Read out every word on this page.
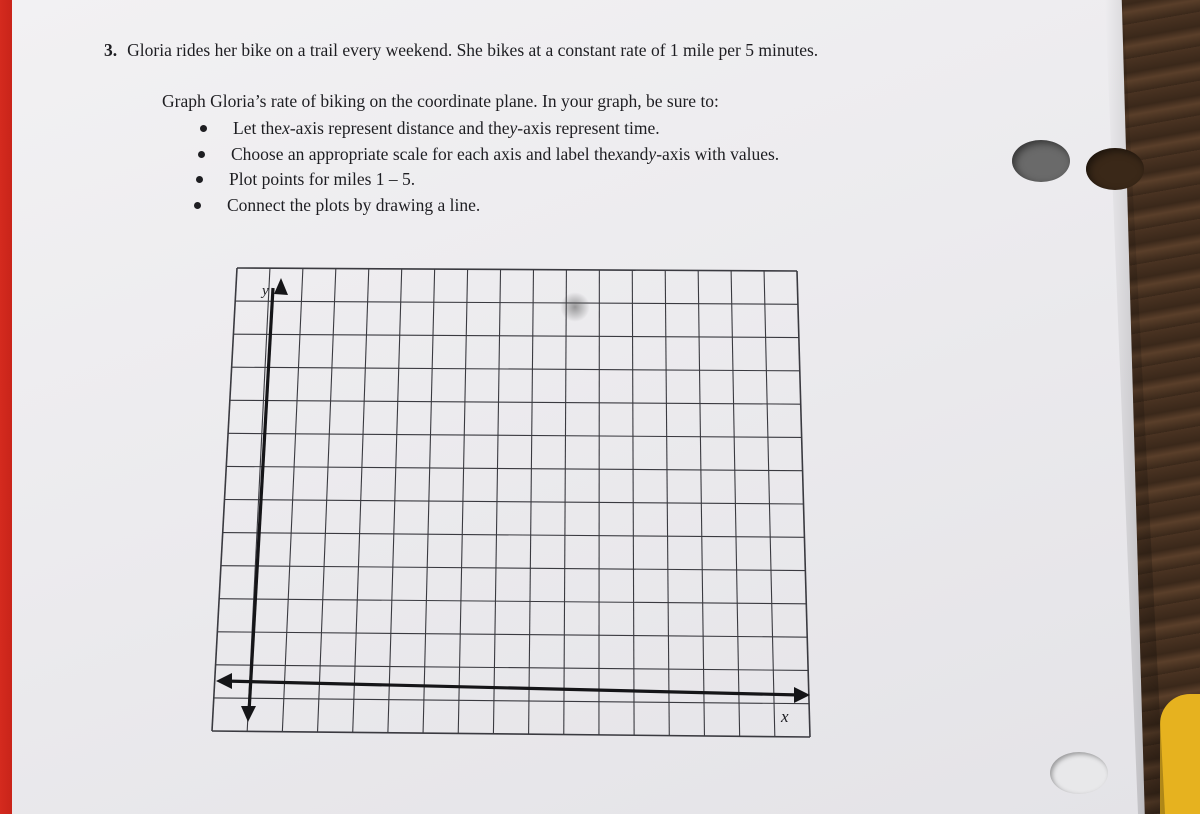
3. Gloria rides her bike on a trail every weekend. She bikes at a constant rate of 1 mile per 5 minutes.
Graph Gloria’s rate of biking on the coordinate plane. In your graph, be sure to:
Let the x -axis represent distance and the y -axis represent time.
Choose an appropriate scale for each axis and label the x and y -axis with values.
Plot points for miles 1 – 5.
Connect the plots by drawing a line.
y
x
